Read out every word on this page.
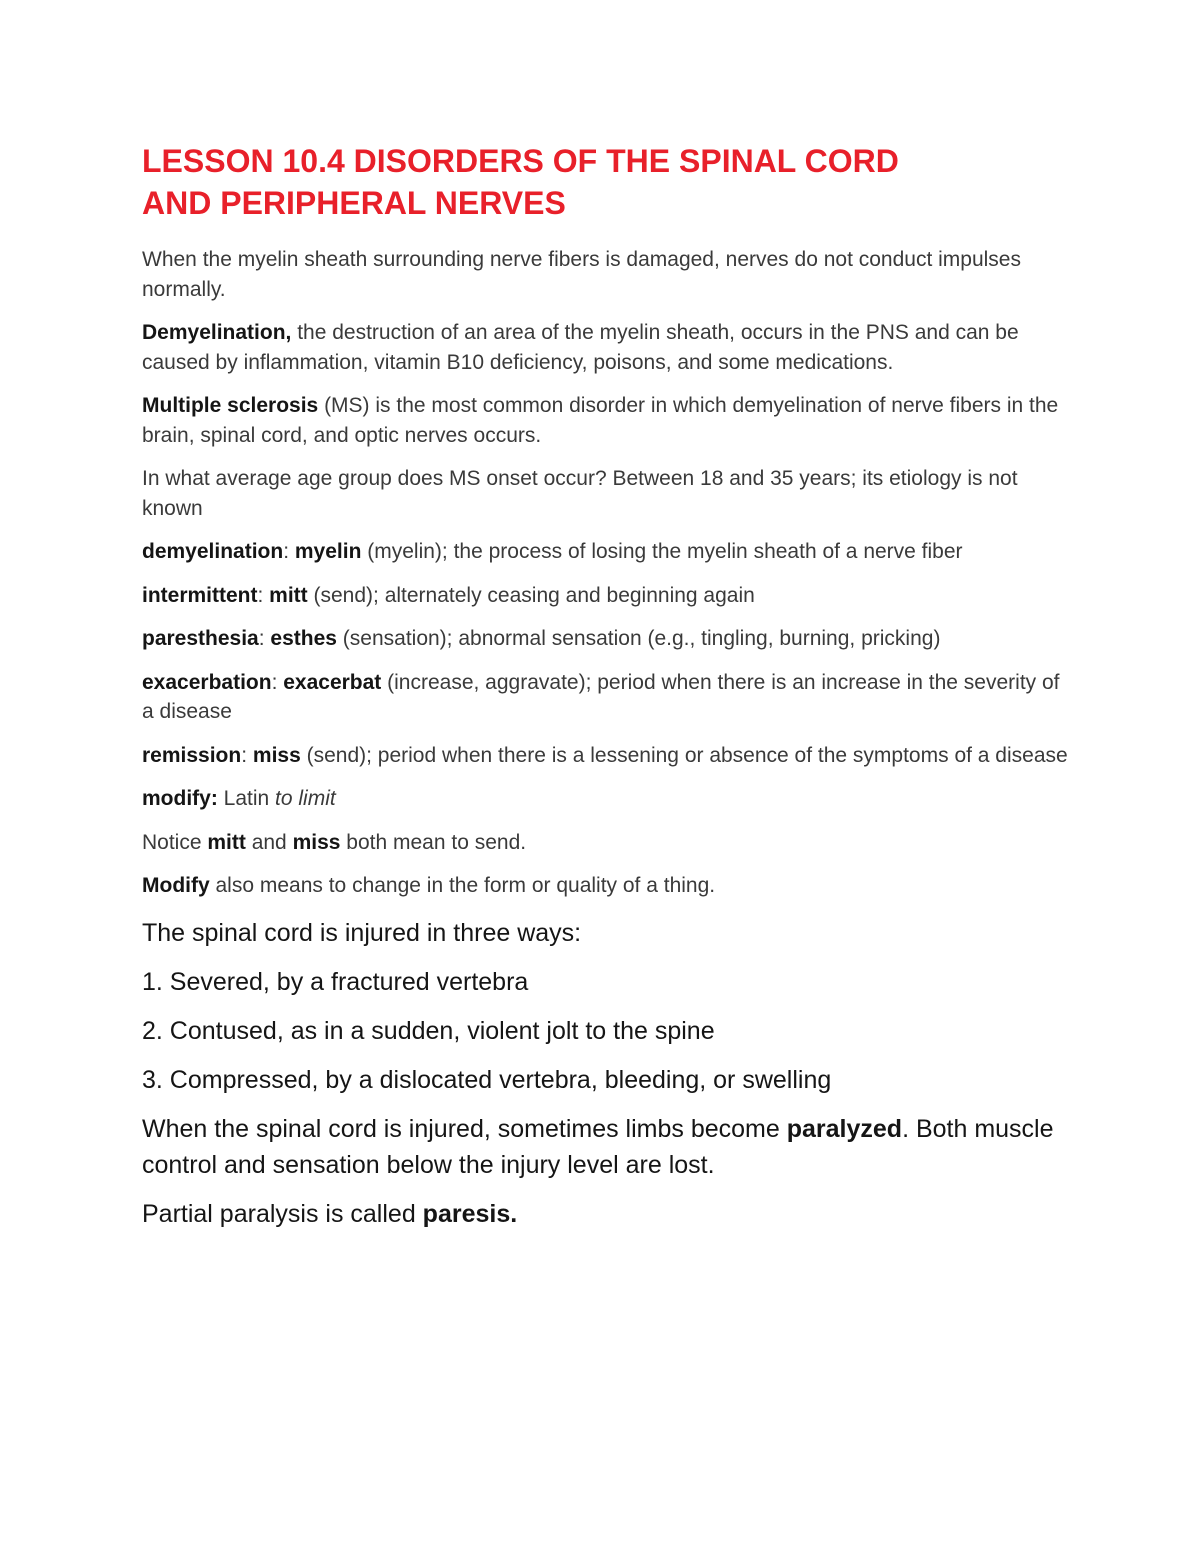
LESSON 10.4 DISORDERS OF THE SPINAL CORD
AND PERIPHERAL NERVES
When the myelin sheath surrounding nerve fibers is damaged, nerves do not conduct impulses normally.
Demyelination, the destruction of an area of the myelin sheath, occurs in the PNS and can be caused by inflammation, vitamin B10 deficiency, poisons, and some medications.
Multiple sclerosis (MS) is the most common disorder in which demyelination of nerve fibers in the brain, spinal cord, and optic nerves occurs.
In what average age group does MS onset occur? Between 18 and 35 years; its etiology is not known
demyelination: myelin (myelin); the process of losing the myelin sheath of a nerve fiber
intermittent: mitt (send); alternately ceasing and beginning again
paresthesia: esthes (sensation); abnormal sensation (e.g., tingling, burning, pricking)
exacerbation: exacerbat (increase, aggravate); period when there is an increase in the severity of a disease
remission: miss (send); period when there is a lessening or absence of the symptoms of a disease
modify: Latin to limit
Notice mitt and miss both mean to send.
Modify also means to change in the form or quality of a thing.
The spinal cord is injured in three ways:
1. Severed, by a fractured vertebra
2. Contused, as in a sudden, violent jolt to the spine
3. Compressed, by a dislocated vertebra, bleeding, or swelling
When the spinal cord is injured, sometimes limbs become paralyzed. Both muscle control and sensation below the injury level are lost.
Partial paralysis is called paresis.
